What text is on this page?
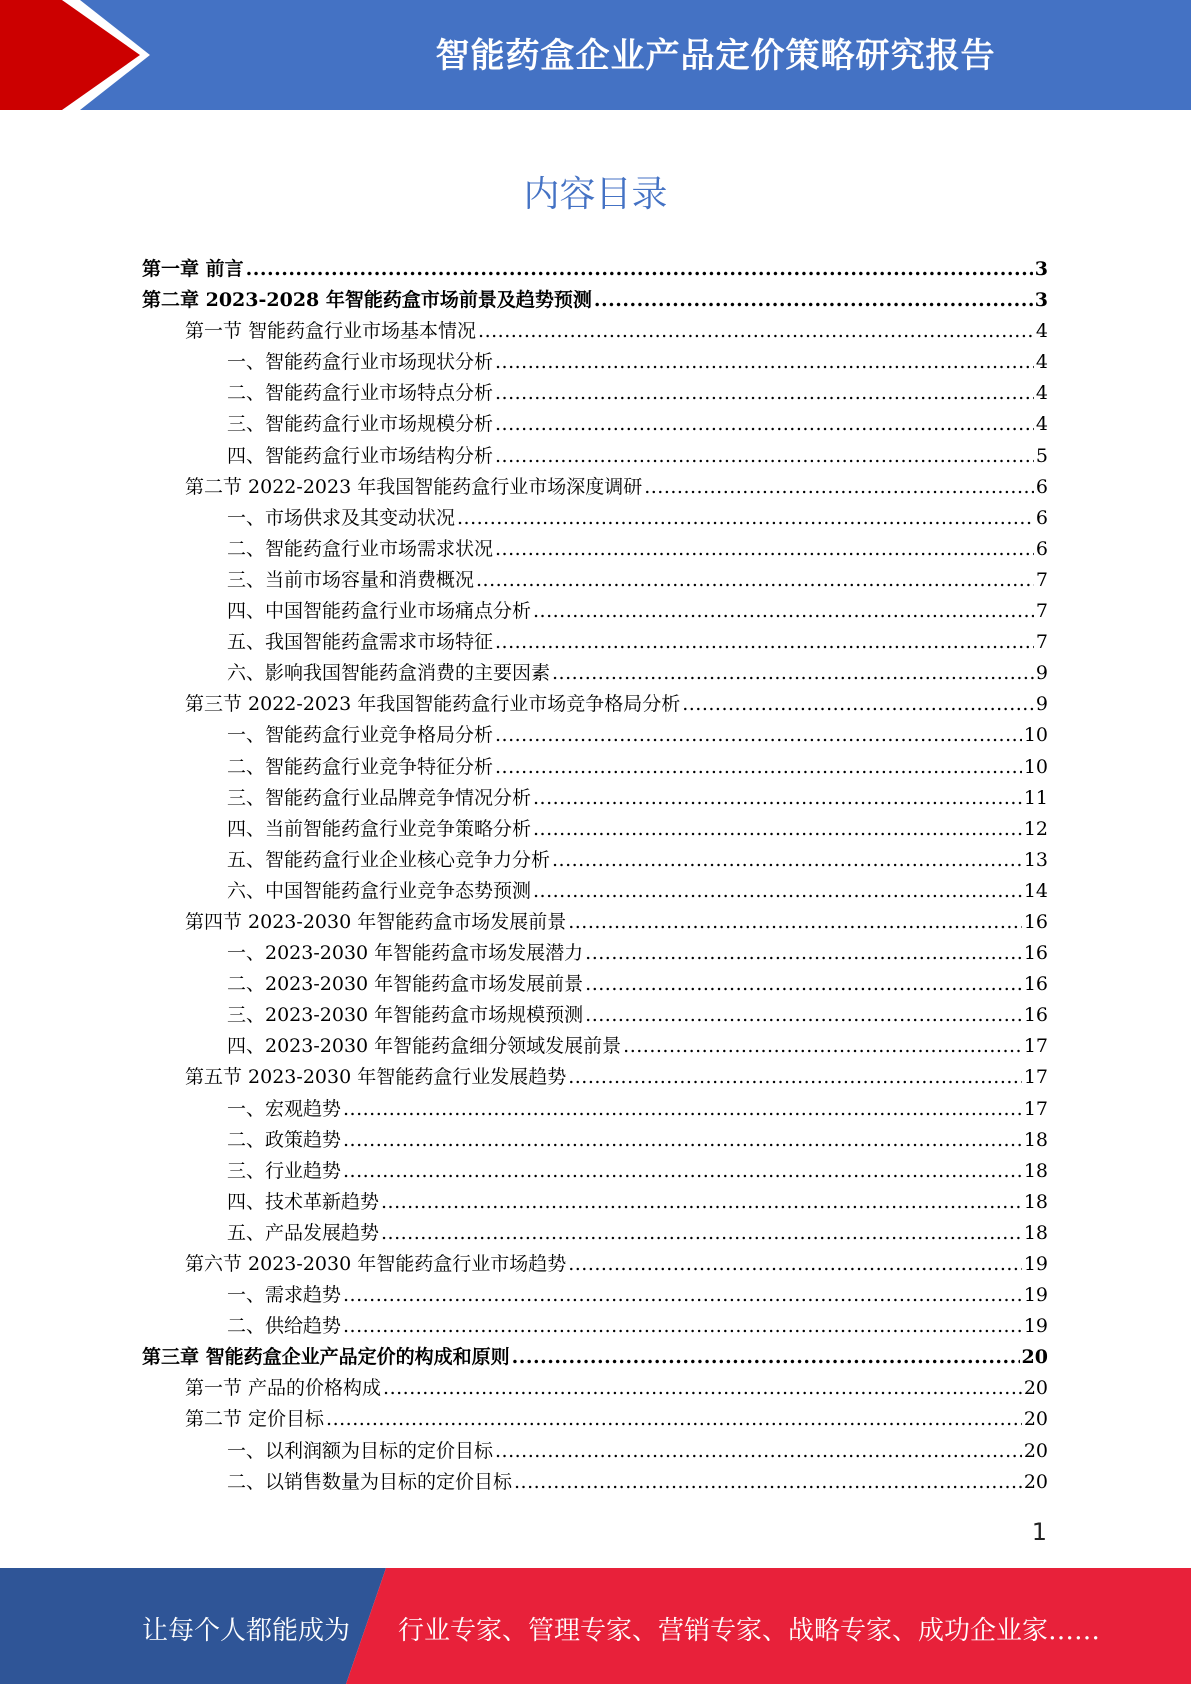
智能药盒企业产品定价策略研究报告
内容目录
第一章 前言 .....	3
第二章 2023-2028 年智能药盒市场前景及趋势预测 .....	3
第一节 智能药盒行业市场基本情况 .....	4
一、智能药盒行业市场现状分析 .....	4
二、智能药盒行业市场特点分析 .....	4
三、智能药盒行业市场规模分析 .....	4
四、智能药盒行业市场结构分析 .....	5
第二节 2022-2023 年我国智能药盒行业市场深度调研 .....	6
一、市场供求及其变动状况 .....	6
二、智能药盒行业市场需求状况 .....	6
三、当前市场容量和消费概况 .....	7
四、中国智能药盒行业市场痛点分析 .....	7
五、我国智能药盒需求市场特征 .....	7
六、影响我国智能药盒消费的主要因素 .....	9
第三节 2022-2023 年我国智能药盒行业市场竞争格局分析 .....	9
一、智能药盒行业竞争格局分析 .....	10
二、智能药盒行业竞争特征分析 .....	10
三、智能药盒行业品牌竞争情况分析 .....	11
四、当前智能药盒行业竞争策略分析 .....	12
五、智能药盒行业企业核心竞争力分析 .....	13
六、中国智能药盒行业竞争态势预测 .....	14
第四节 2023-2030 年智能药盒市场发展前景 .....	16
一、2023-2030 年智能药盒市场发展潜力 .....	16
二、2023-2030 年智能药盒市场发展前景 .....	16
三、2023-2030 年智能药盒市场规模预测 .....	16
四、2023-2030 年智能药盒细分领域发展前景 .....	17
第五节 2023-2030 年智能药盒行业发展趋势 .....	17
一、宏观趋势 .....	17
二、政策趋势 .....	18
三、行业趋势 .....	18
四、技术革新趋势 .....	18
五、产品发展趋势 .....	18
第六节 2023-2030 年智能药盒行业市场趋势 .....	19
一、需求趋势 .....	19
二、供给趋势 .....	19
第三章 智能药盒企业产品定价的构成和原则 .....	20
第一节 产品的价格构成 .....	20
第二节 定价目标 .....	20
一、以利润额为目标的定价目标 .....	20
二、以销售数量为目标的定价目标 .....	20
1
让每个人都能成为 行业专家、管理专家、营销专家、战略专家、成功企业家……
